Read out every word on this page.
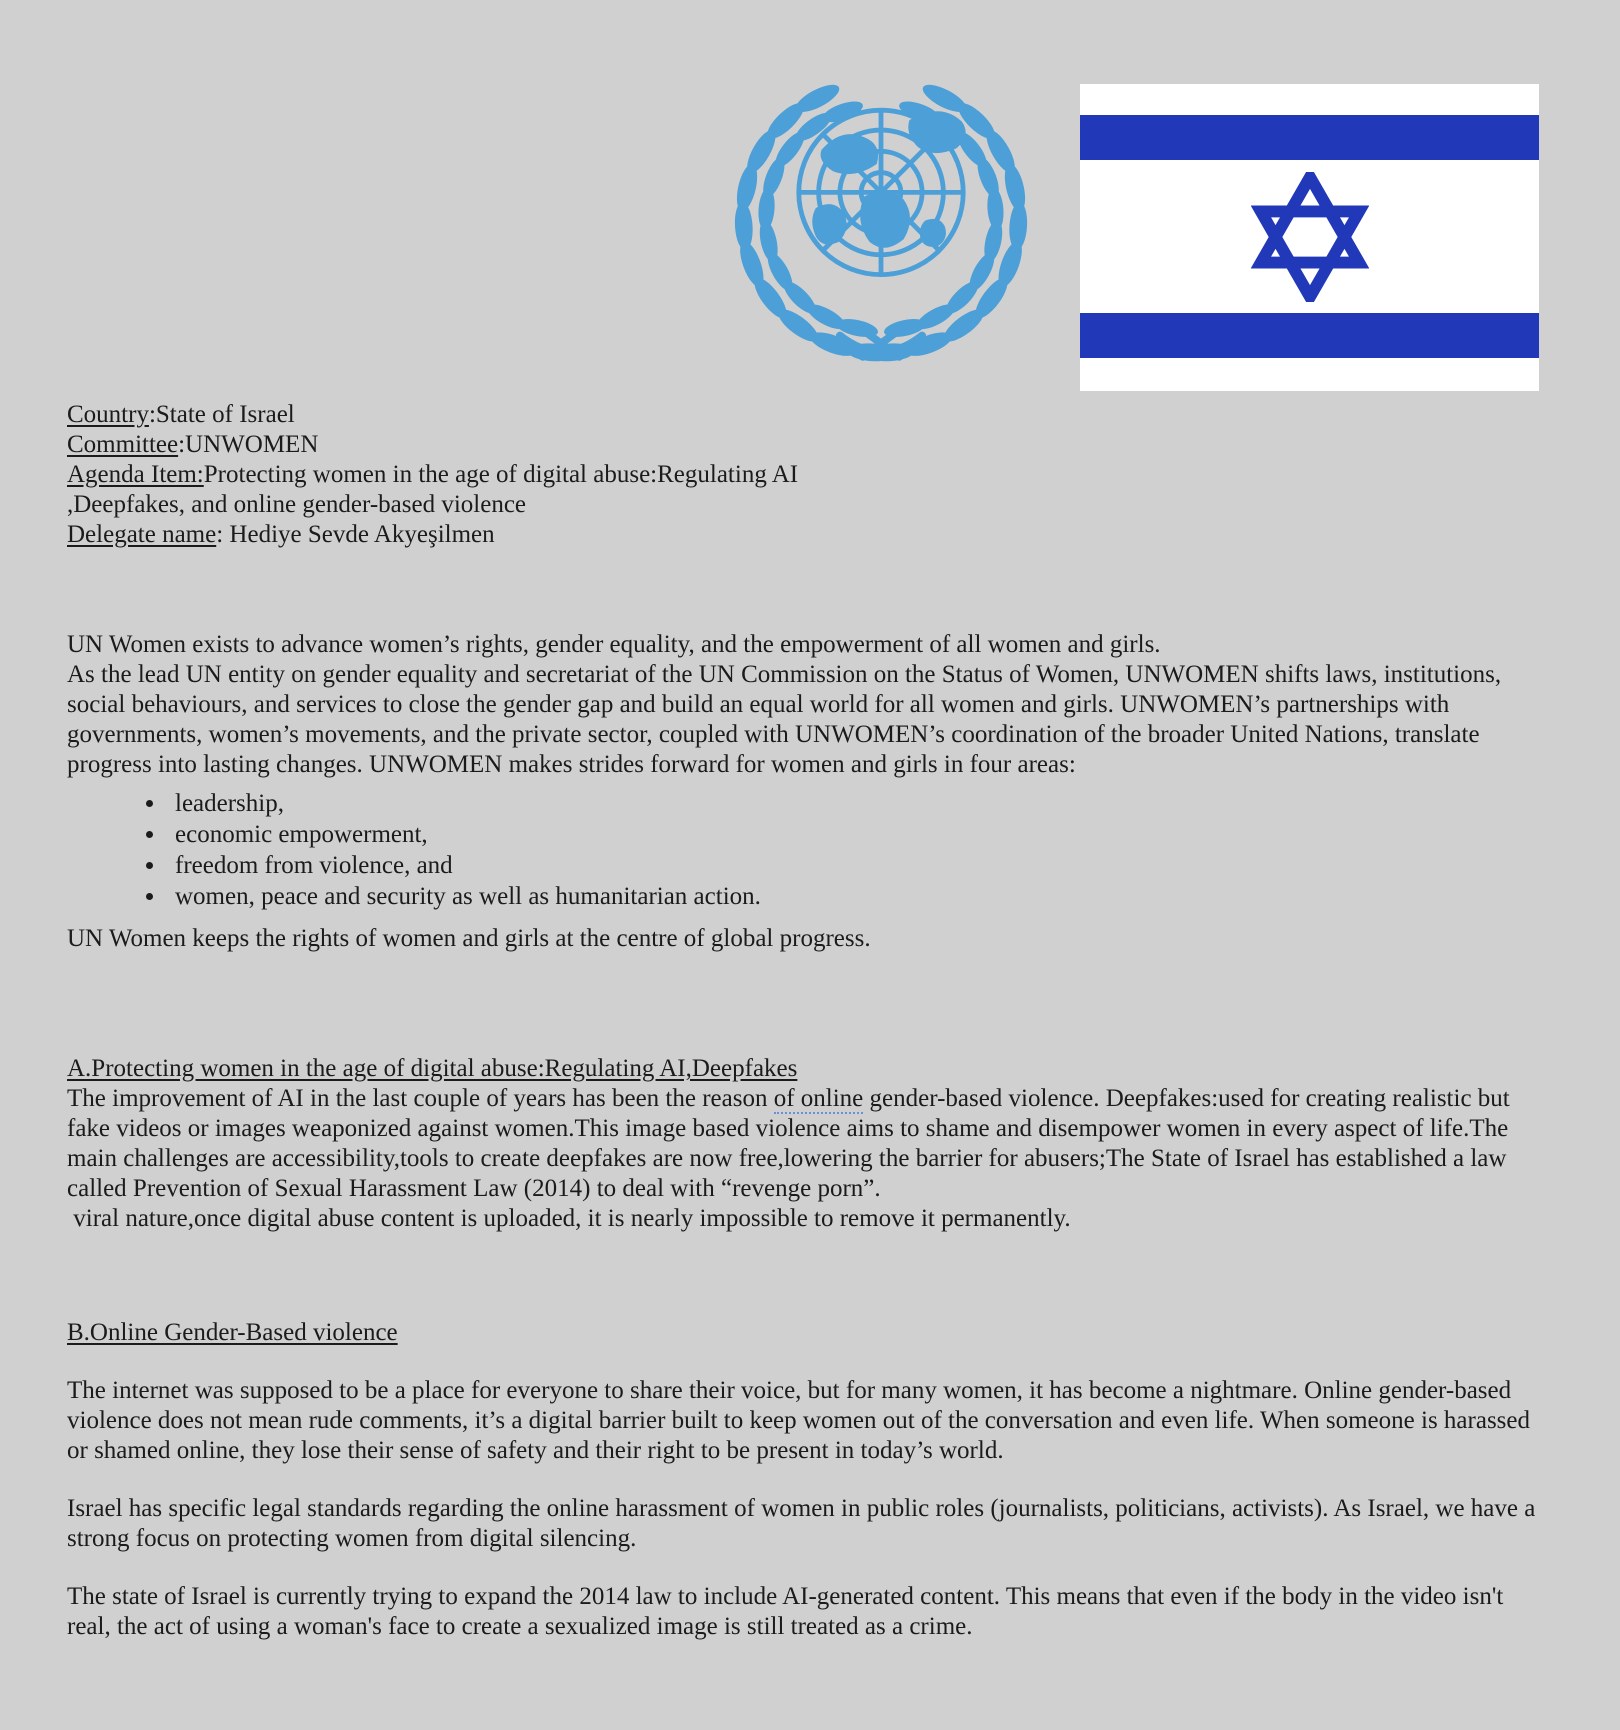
Country:State of Israel
Committee:UNWOMEN
Agenda Item:Protecting women in the age of digital abuse:Regulating AI
,Deepfakes, and online gender-based violence
Delegate name: Hediye Sevde Akyeşilmen
UN Women exists to advance women’s rights, gender equality, and the empowerment of all women and girls.
As the lead UN entity on gender equality and secretariat of the UN Commission on the Status of Women, UNWOMEN shifts laws, institutions, social behaviours, and services to close the gender gap and build an equal world for all women and girls. UNWOMEN’s partnerships with governments, women’s movements, and the private sector, coupled with UNWOMEN’s coordination of the broader United Nations, translate progress into lasting changes. UNWOMEN makes strides forward for women and girls in four areas:
• leadership,
• economic empowerment,
• freedom from violence, and
• women, peace and security as well as humanitarian action.
UN Women keeps the rights of women and girls at the centre of global progress.
A.Protecting women in the age of digital abuse:Regulating AI,Deepfakes
The improvement of AI in the last couple of years has been the reason of online gender-based violence. Deepfakes:used for creating realistic but fake videos or images weaponized against women.This image based violence aims to shame and disempower women in every aspect of life.The main challenges are accessibility,tools to create deepfakes are now free,lowering the barrier for abusers;The State of Israel has established a law called Prevention of Sexual Harassment Law (2014) to deal with “revenge porn”.
viral nature,once digital abuse content is uploaded, it is nearly impossible to remove it permanently.
B.Online Gender-Based violence
The internet was supposed to be a place for everyone to share their voice, but for many women, it has become a nightmare. Online gender-based violence does not mean rude comments, it’s a digital barrier built to keep women out of the conversation and even life. When someone is harassed or shamed online, they lose their sense of safety and their right to be present in today’s world.
Israel has specific legal standards regarding the online harassment of women in public roles (journalists, politicians, activists). As Israel, we have a strong focus on protecting women from digital silencing.
The state of Israel is currently trying to expand the 2014 law to include AI-generated content. This means that even if the body in the video isn't real, the act of using a woman's face to create a sexualized image is still treated as a crime.
